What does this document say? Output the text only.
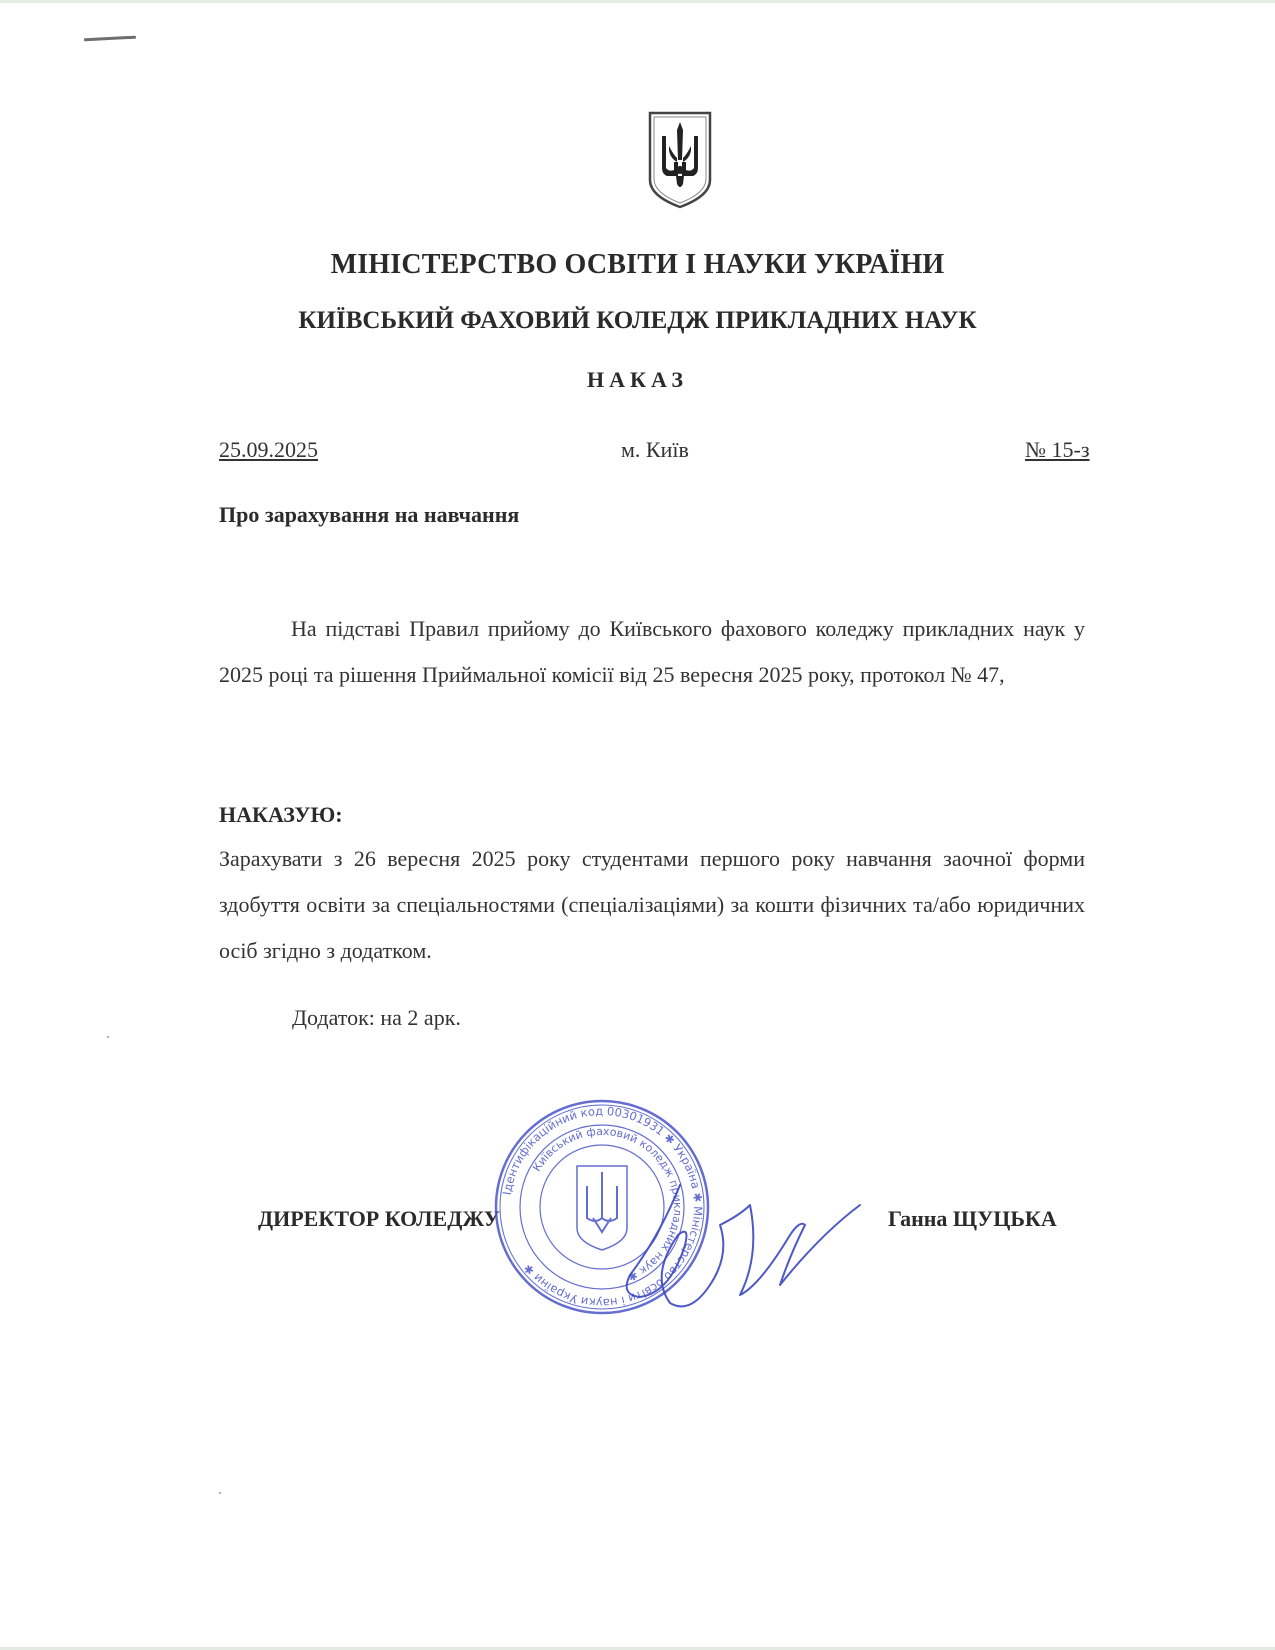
МІНІСТЕРСТВО ОСВІТИ І НАУКИ УКРАЇНИ
КИЇВСЬКИЙ ФАХОВИЙ КОЛЕДЖ ПРИКЛАДНИХ НАУК
НАКАЗ
25.09.2025	м. Київ	№ 15-з
Про зарахування на навчання
На підставі Правил прийому до Київського фахового коледжу прикладних наук у 2025 році та рішення Приймальної комісії від 25 вересня 2025 року, протокол № 47,
НАКАЗУЮ:
Зарахувати з 26 вересня 2025 року студентами першого року навчання заочної форми здобуття освіти за спеціальностями (спеціалізаціями) за кошти фізичних та/або юридичних осіб згідно з додатком.
Додаток: на 2 арк.
ДИРЕКТОР КОЛЕДЖУ
Ідентифікаційний код 00301931 ✱ Україна ✱ Міністерство освіти і науки України ✱
Київський фаховий коледж прикладних наук ✱
Ганна ЩУЦЬКА
